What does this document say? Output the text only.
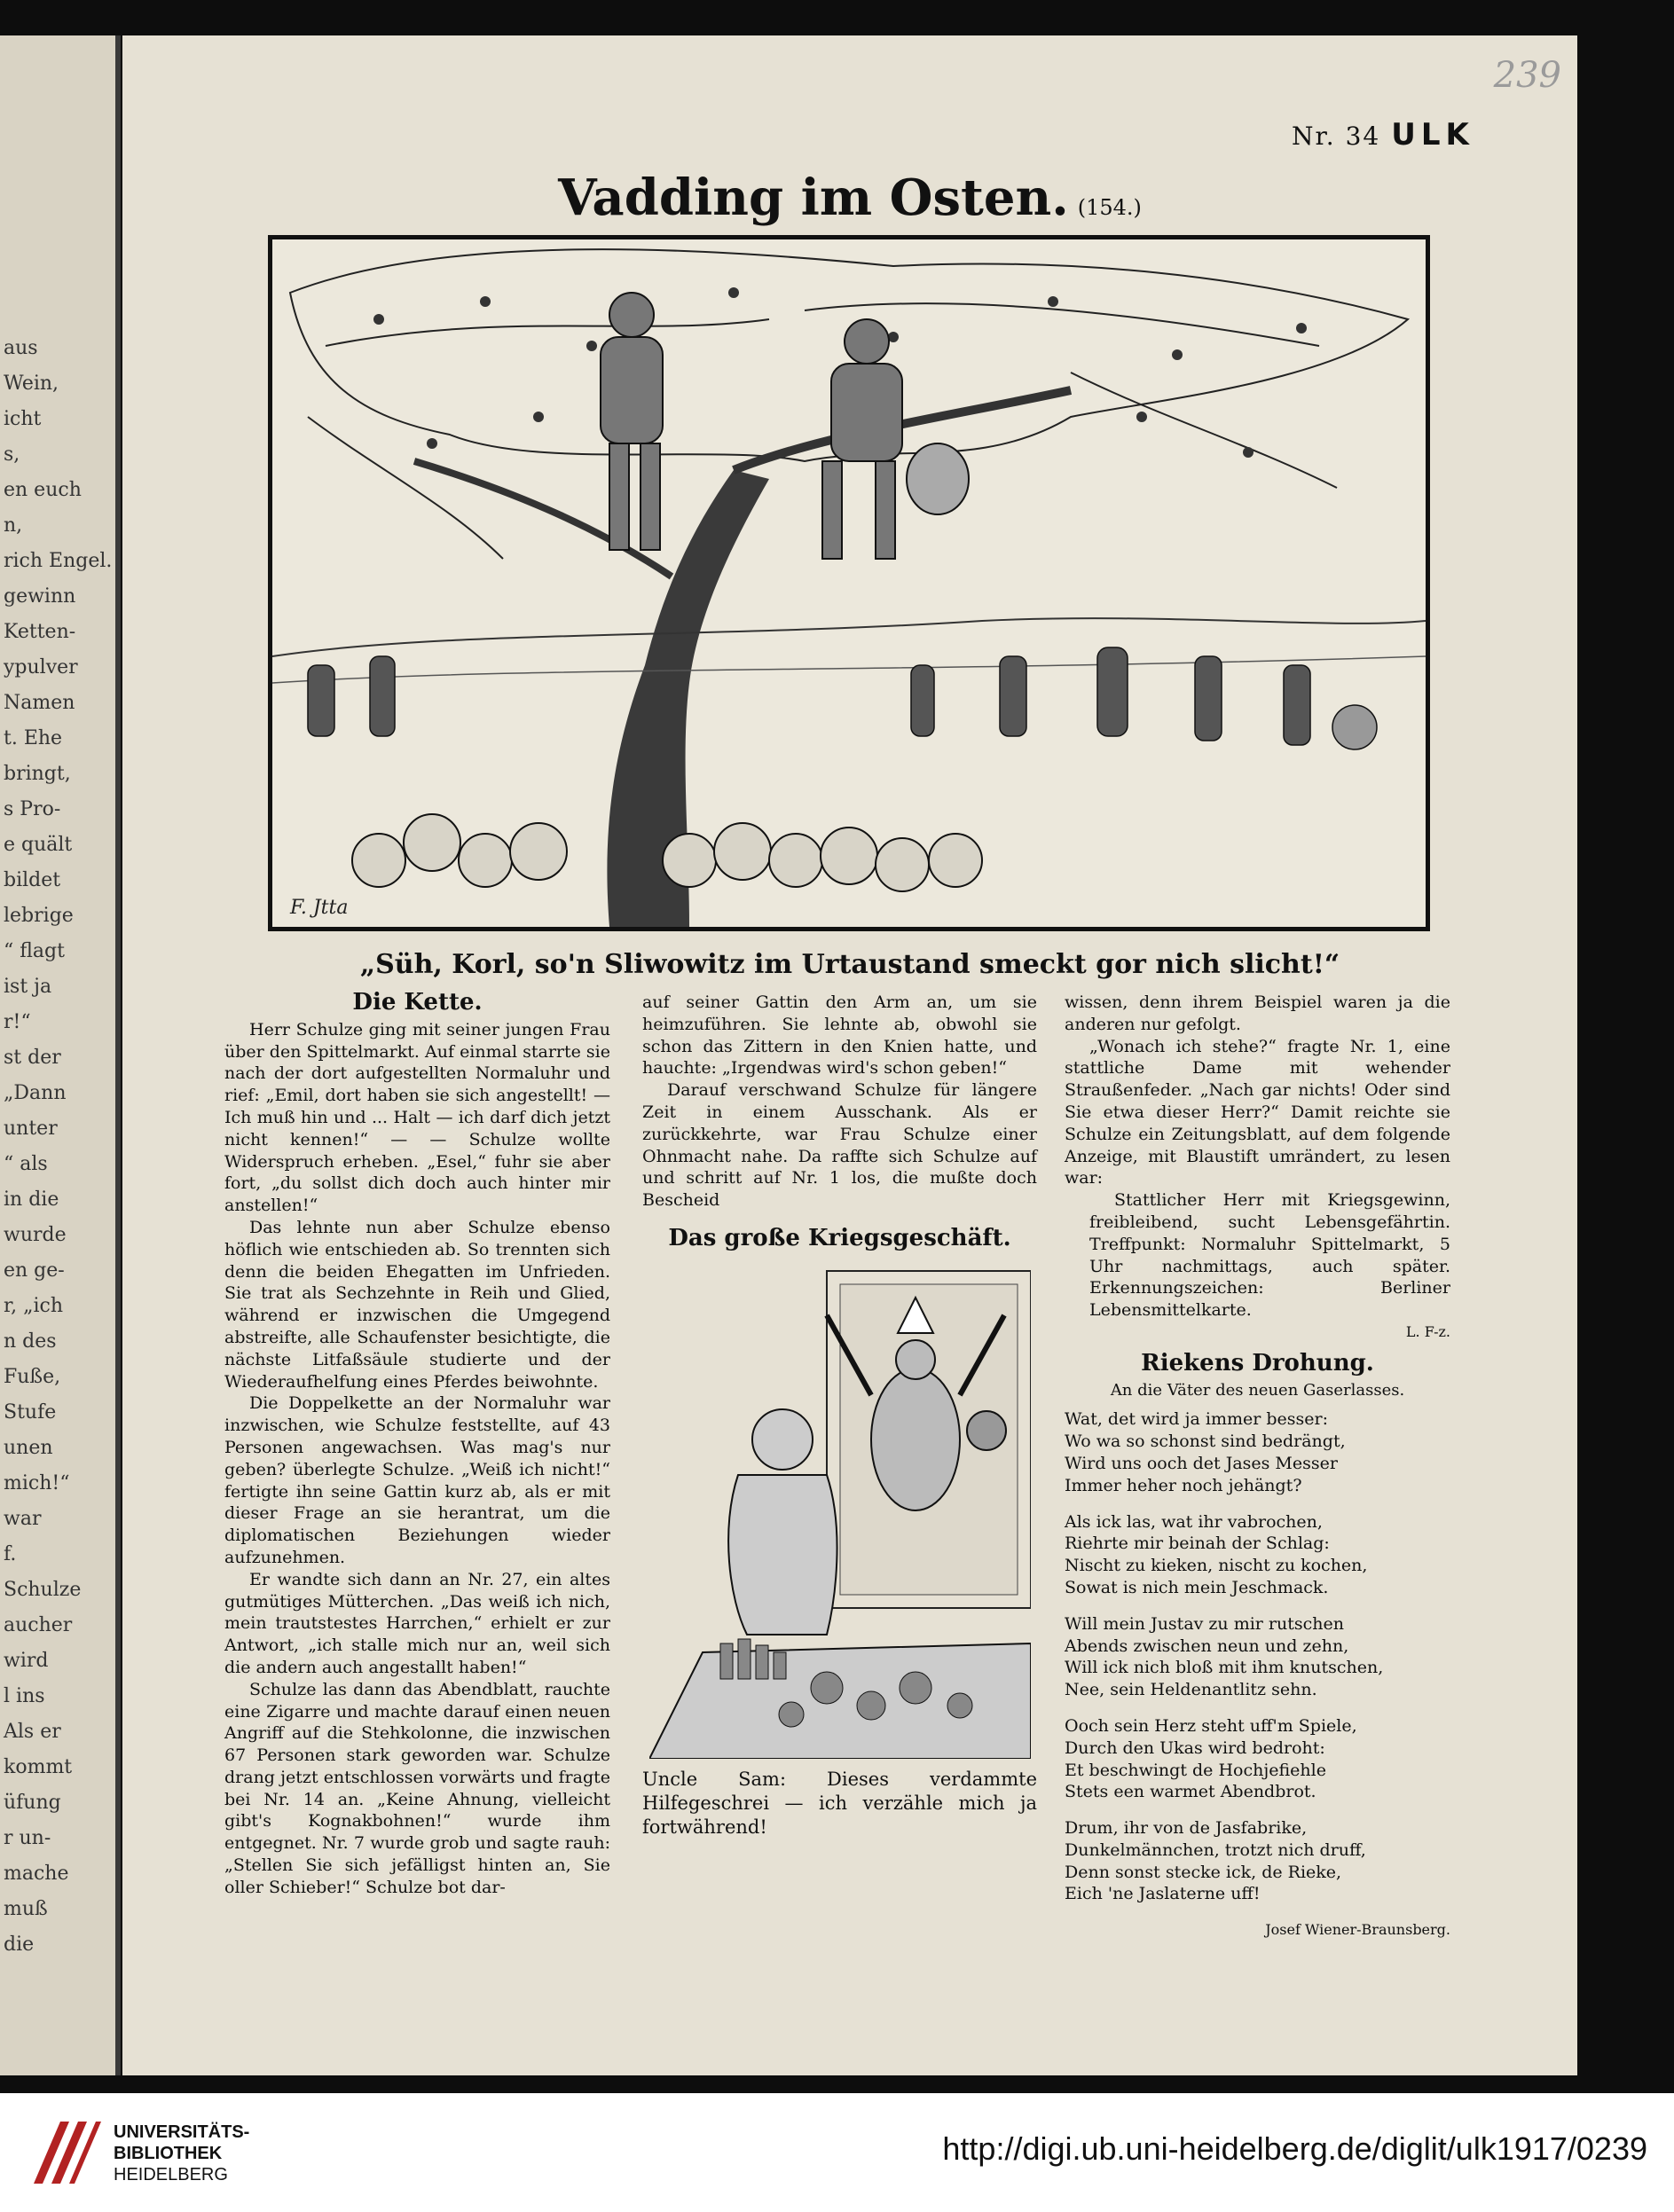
aus
Wein,
icht
s,
en euch
n,
rich Engel.
gewinn
Ketten-
ypulver
Namen
t. Ehe
bringt,
s Pro-
e quält
bildet
lebrige
“ flagt
ist ja
r!“
st der
„Dann
unter
“ als
in die
wurde
en ge-
r, „ich
n des
Fuße,
Stufe
unen
mich!“
war
f.
Schulze
aucher
wird
l ins
Als er
kommt
üfung
r un-
mache
muß
die
239
Nr. 34 ULK
Vadding im Osten. (154.)
F. Jtta
„Süh, Korl, so'n Sliwowitz im Urtaustand smeckt gor nich slicht!“
Die Kette.

Herr Schulze ging mit seiner jungen Frau über den Spittelmarkt. Auf einmal starrte sie nach der dort aufgestellten Normaluhr und rief: „Emil, dort haben sie sich angestellt! — Ich muß hin und ... Halt — ich darf dich jetzt nicht kennen!“ — — Schulze wollte Widerspruch erheben. „Esel,“ fuhr sie aber fort, „du sollst dich doch auch hinter mir anstellen!“

Das lehnte nun aber Schulze ebenso höflich wie entschieden ab. So trennten sich denn die beiden Ehegatten im Unfrieden. Sie trat als Sechzehnte in Reih und Glied, während er inzwischen die Umgegend abstreifte, alle Schaufenster besichtigte, die nächste Litfaßsäule studierte und der Wiederaufhelfung eines Pferdes beiwohnte.

Die Doppelkette an der Normaluhr war inzwischen, wie Schulze feststellte, auf 43 Personen angewachsen. Was mag's nur geben? überlegte Schulze. „Weiß ich nicht!“ fertigte ihn seine Gattin kurz ab, als er mit dieser Frage an sie herantrat, um die diplomatischen Beziehungen wieder aufzunehmen.

Er wandte sich dann an Nr. 27, ein altes gutmütiges Mütterchen. „Das weiß ich nich, mein trautstestes Harrchen,“ erhielt er zur Antwort, „ich stalle mich nur an, weil sich die andern auch angestallt haben!“

Schulze las dann das Abendblatt, rauchte eine Zigarre und machte darauf einen neuen Angriff auf die Stehkolonne, die inzwischen 67 Personen stark geworden war. Schulze drang jetzt entschlossen vorwärts und fragte bei Nr. 14 an. „Keine Ahnung, vielleicht gibt's Kognakbohnen!“ wurde ihm entgegnet. Nr. 7 wurde grob und sagte rauh: „Stellen Sie sich jefälligst hinten an, Sie oller Schieber!“ Schulze bot dar-

auf seiner Gattin den Arm an, um sie heimzuführen. Sie lehnte ab, obwohl sie schon das Zittern in den Knien hatte, und hauchte: „Irgendwas wird's schon geben!“

Darauf verschwand Schulze für längere Zeit in einem Ausschank. Als er zurückkehrte, war Frau Schulze einer Ohnmacht nahe. Da raffte sich Schulze auf und schritt auf Nr. 1 los, die mußte doch Bescheid

Das große Kriegsgeschäft.

Uncle Sam: Dieses verdammte Hilfegeschrei — ich verzähle mich ja fortwährend!

wissen, denn ihrem Beispiel waren ja die anderen nur gefolgt.

„Wonach ich stehe?“ fragte Nr. 1, eine stattliche Dame mit wehender Straußenfeder. „Nach gar nichts! Oder sind Sie etwa dieser Herr?“ Damit reichte sie Schulze ein Zeitungsblatt, auf dem folgende Anzeige, mit Blaustift umrändert, zu lesen war:

Stattlicher Herr mit Kriegsgewinn, freibleibend, sucht Lebensgefährtin. Treffpunkt: Normaluhr Spittelmarkt, 5 Uhr nachmittags, auch später. Erkennungszeichen: Berliner Lebensmittelkarte.

L. F-z.

Riekens Drohung.

An die Väter des neuen Gaserlasses.

Wat, det wird ja immer besser:
Wo wa so schonst sind bedrängt,
Wird uns ooch det Jases Messer
Immer heher noch jehängt?
Als ick las, wat ihr vabrochen,
Riehrte mir beinah der Schlag:
Nischt zu kieken, nischt zu kochen,
Sowat is nich mein Jeschmack.
Will mein Justav zu mir rutschen
Abends zwischen neun und zehn,
Will ick nich bloß mit ihm knutschen,
Nee, sein Heldenantlitz sehn.
Ooch sein Herz steht uff'm Spiele,
Durch den Ukas wird bedroht:
Et beschwingt de Hochjefiehle
Stets een warmet Abendbrot.
Drum, ihr von de Jasfabrike,
Dunkelmännchen, trotzt nich druff,
Denn sonst stecke ick, de Rieke,
Eich 'ne Jaslaterne uff!

Josef Wiener-Braunsberg.

UNIVERSITÄTS-
BIBLIOTHEK
HEIDELBERG
http://digi.ub.uni-heidelberg.de/diglit/ulk1917/0239
